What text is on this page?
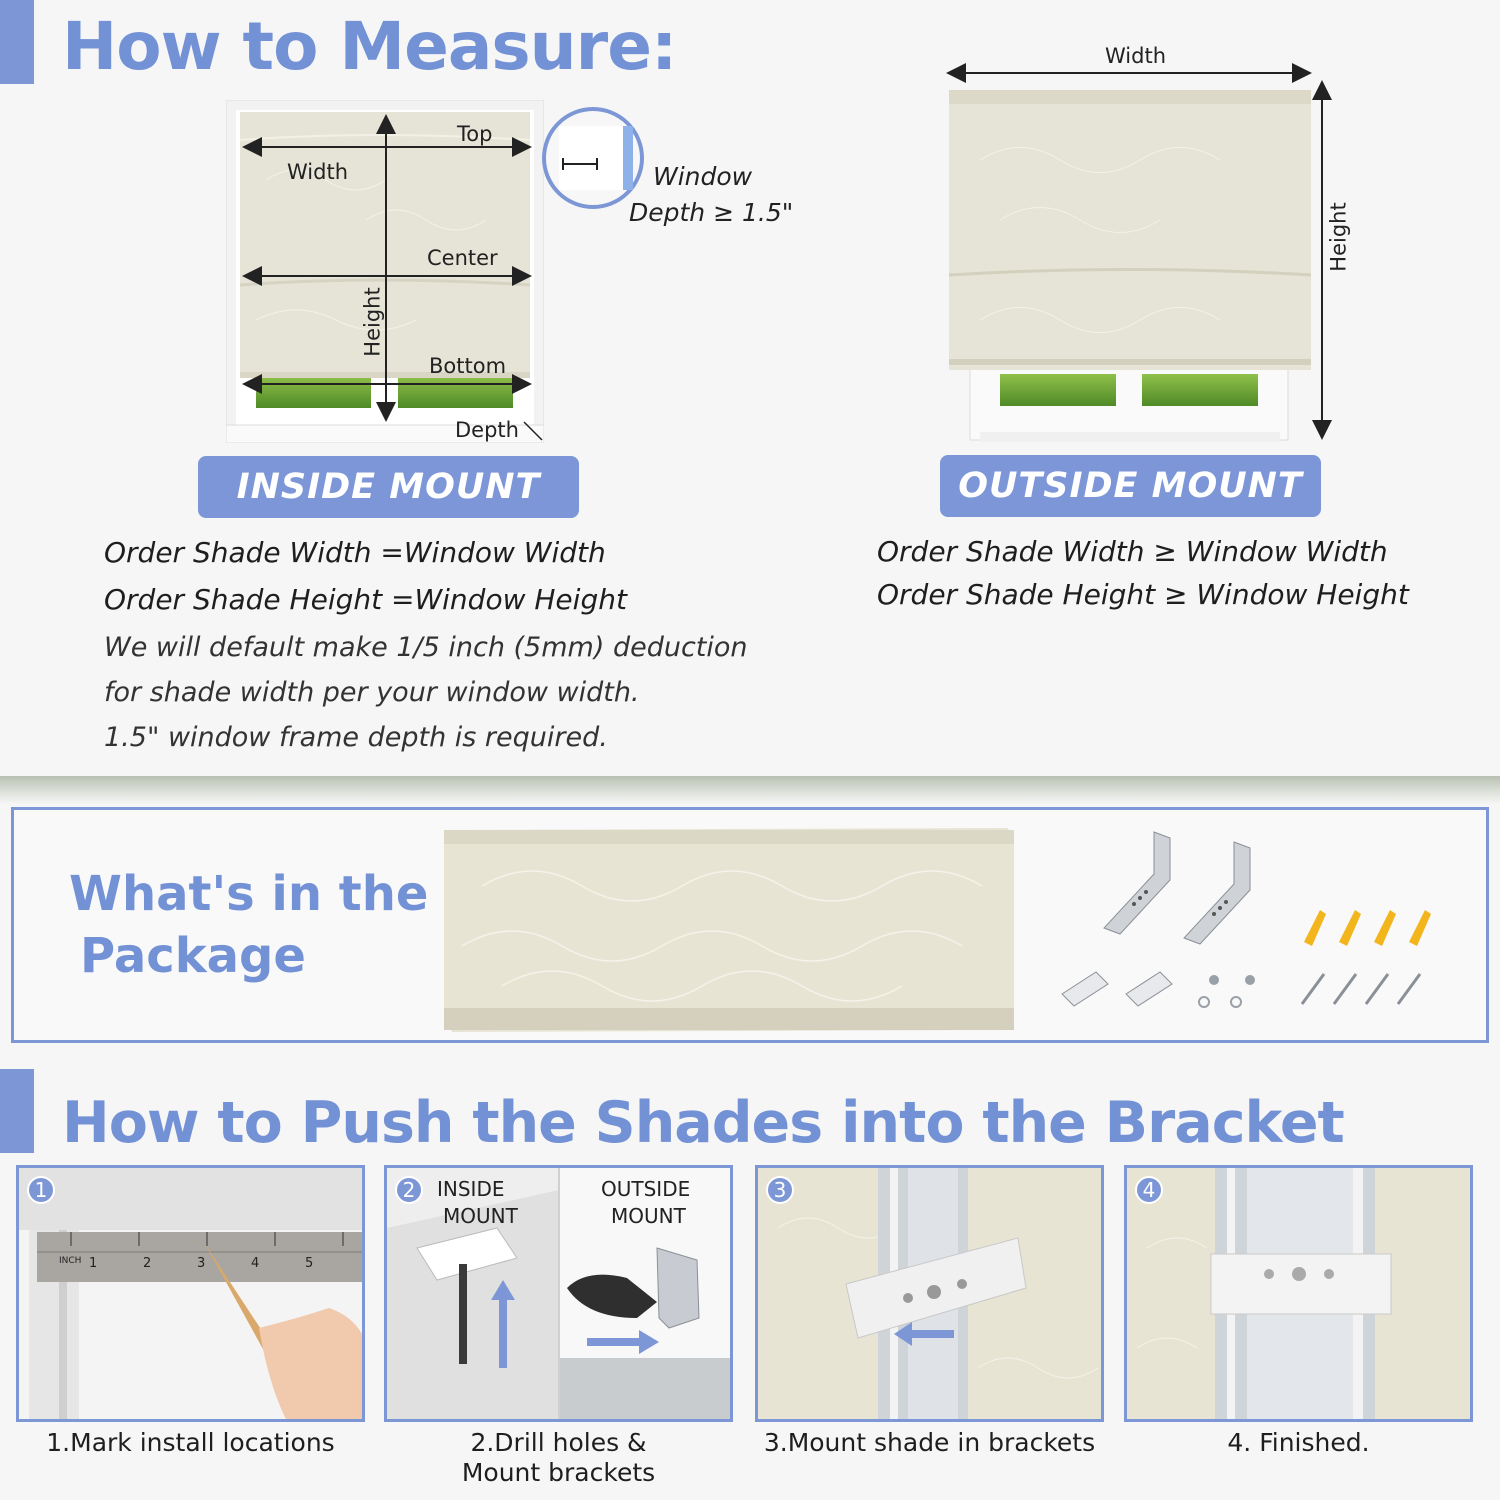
How to Measure:
Top
Width
Center
Height
Bottom
Depth
Window
Depth ≥ 1.5"
Width
Height
INSIDE MOUNT	OUTSIDE MOUNT
Order Shade Width =Window Width
Order Shade Height =Window Height
We will default make 1/5 inch (5mm) deduction
for shade width per your window width.
1.5" window frame depth is required.
Order Shade Width ≥ Window Width
Order Shade Height ≥ Window Height
What's in the
Package
How to Push the Shades into the Bracket
INCH 1	2	3	4	5
1	INSIDE
MOUNT
OUTSIDE
MOUNT
2	3	4
1.Mark install locations	2.Drill holes &
Mount brackets
3.Mount shade in brackets	4. Finished.
